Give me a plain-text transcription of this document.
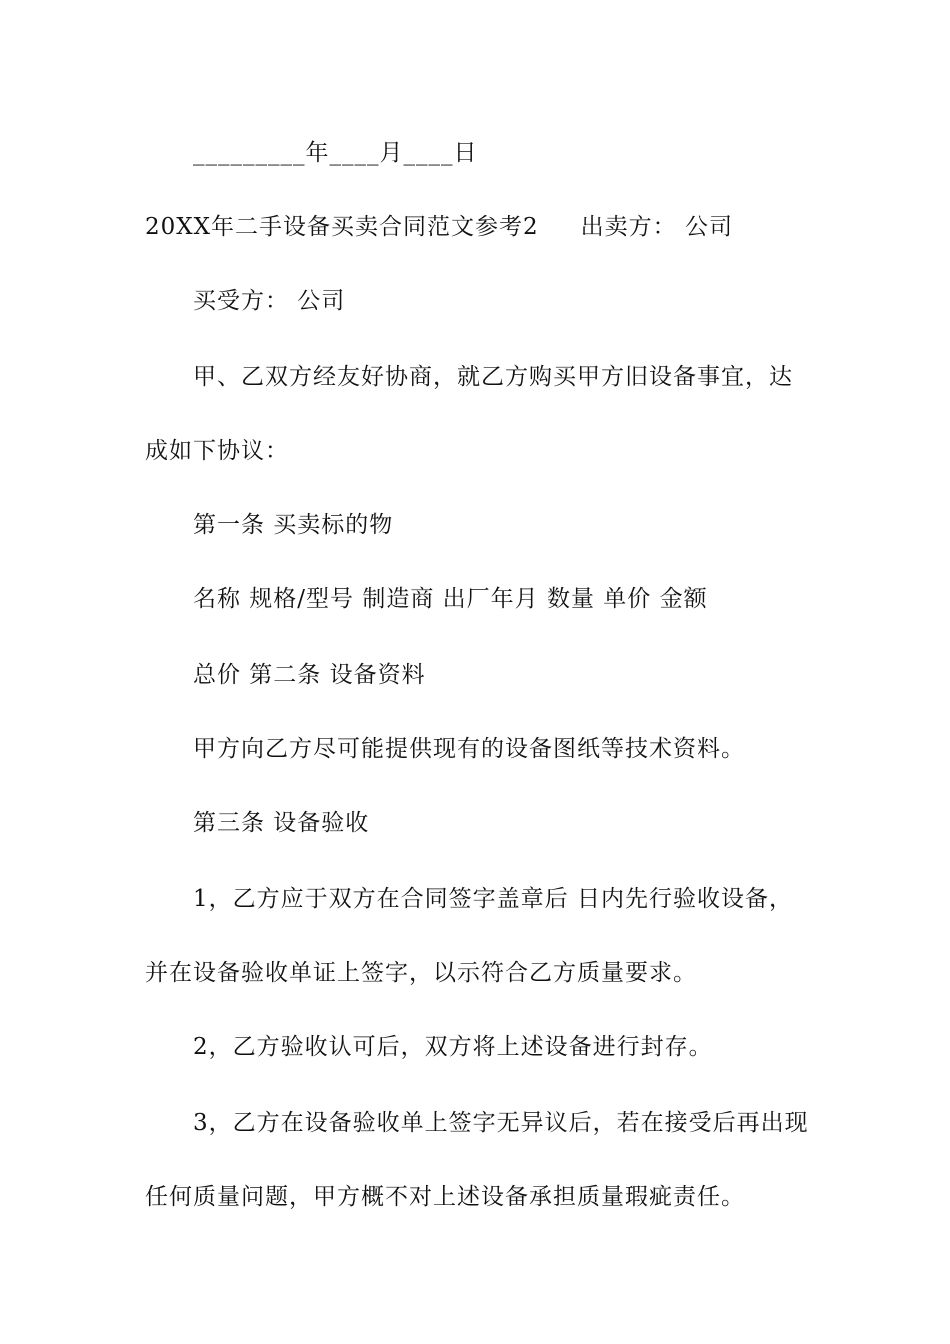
_________年____月____日
20XX年二手设备买卖合同范文参考2 出卖方： 公司
买受方： 公司
甲、乙双方经友好协商，就乙方购买甲方旧设备事宜，达
成如下协议：
第一条 买卖标的物
名称 规格/型号 制造商 出厂年月 数量 单价 金额
总价 第二条 设备资料
甲方向乙方尽可能提供现有的设备图纸等技术资料。
第三条 设备验收
1，乙方应于双方在合同签字盖章后 日内先行验收设备，
并在设备验收单证上签字，以示符合乙方质量要求。
2，乙方验收认可后，双方将上述设备进行封存。
3，乙方在设备验收单上签字无异议后，若在接受后再出现
任何质量问题，甲方概不对上述设备承担质量瑕疵责任。
